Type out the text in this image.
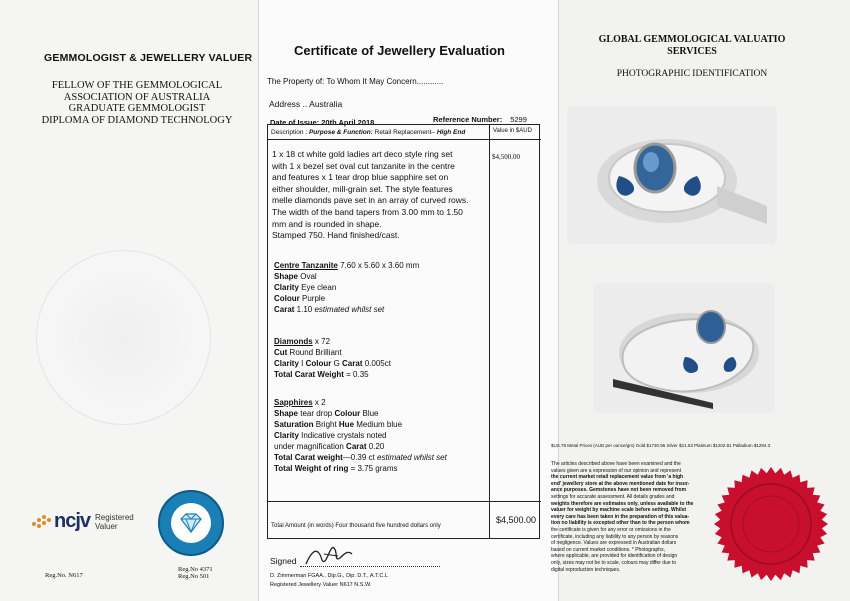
GEMMOLOGIST & JEWELLERY VALUER
FELLOW OF THE GEMMOLOGICAL
ASSOCIATION OF AUSTRALIA
GRADUATE GEMMOLOGIST
DIPLOMA OF DIAMOND TECHNOLOGY
ncjv Registered
Valuer
Reg.No. N617
Reg.No 4371
Reg.No 501
Certificate of Jewellery Evaluation
The Property of: To Whom It May Concern............
Address .. Australia
Date of Issue: 20th April 2018	Reference Number: 5299
Description : Purpose & Function: Retail Replacement– High End	Value in $AUD
$4,500.00
1 x 18 ct white gold ladies art deco style ring set
with 1 x bezel set oval cut tanzanite in the centre
and features x 1 tear drop blue sapphire set on
either shoulder, mill-grain set. The style features
melle diamonds pave set in an array of curved rows.
The width of the band tapers from 3.00 mm to 1.50
mm and is rounded in shape.
Stamped 750. Hand finished/cast.
Centre Tanzanite 7.60 x 5.60 x 3.60 mm
Shape Oval
Clarity Eye clean
Colour Purple
Carat 1.10 estimated whilst set
Diamonds x 72
Cut Round Brilliant
Clarity I Colour G Carat 0.005ct
Total Carat Weight = 0.35
Sapphires x 2
Shape tear drop Colour Blue
Saturation Bright Hue Medium blue
Clarity Indicative crystals noted
under magnification Carat 0.20
Total Carat weight—0.39 ct estimated whilst set
Total Weight of ring = 3.75 grams
Total Amount (in words) Four thousand five hundred dollars only
$4,500.00
Signed
D. Zimmerman FGAA., Dip.G., Dip. D.T., A.T.C.L
Registered Jewellery Valuer N617 N.S.W.
GLOBAL GEMMOLOGICAL VALUATIO
SERVICES
PHOTOGRAPHIC IDENTIFICATION
$US.78 Metal Prices (AUD per ounce/gm) Gold $1730.96 Silver $21.53 Platinum $1202.81 Palladium $1294.3
The articles described above have been examined and the
values given are a expression of our opinion and represent
the current market retail replacement value from 'a high
end' jewellery store at the above mentioned date for insur-
ance purposes. Gemstones have not been removed from
settings for accurate assessment. All details grades and
weights therefore are estimates only, unless available to the
valuer for weight by machine scale before setting. Whilst
every care has been taken in the preparation of this valua-
tion no liability is excepted other than to the person whom
the certificate is given for any error or omissions in the
certificate, including any liability to any person by reasons
of negligence. Values are expressed in Australian dollars
based on current market conditions. * Photographs,
where applicable, are provided for identification of design
only, sizes may not be to scale, colours may differ due to
digital reproduction techniques.
